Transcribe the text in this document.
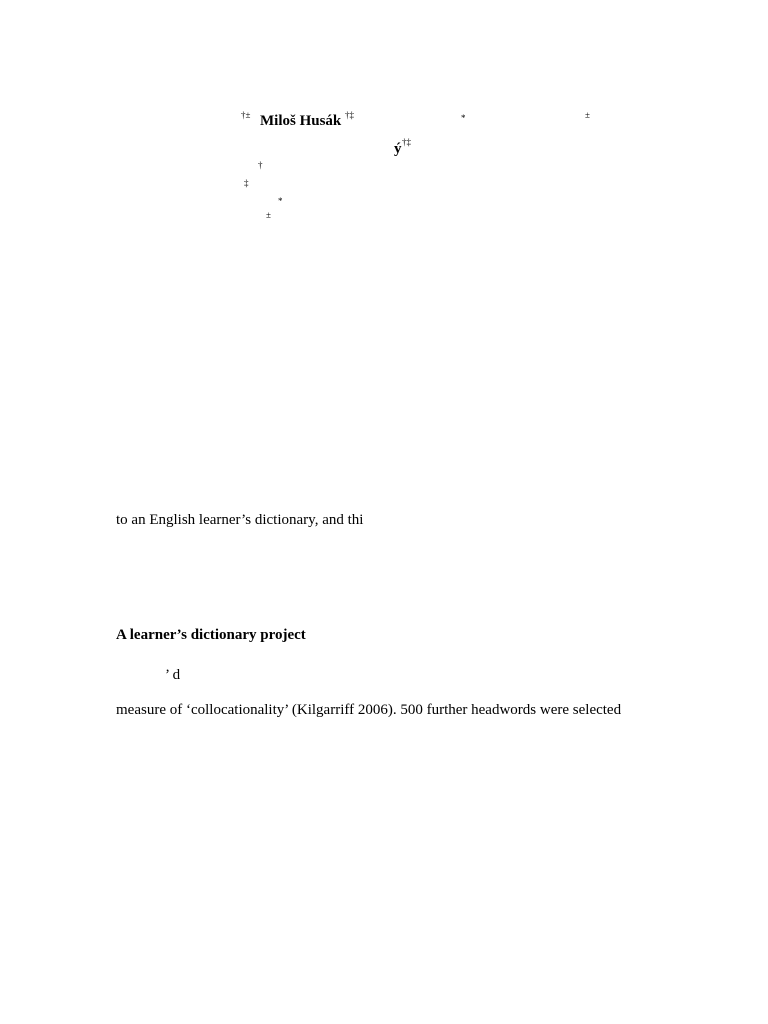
†± Miloš Husák †‡	*	±
ý †‡
†
‡
*
±
to an English learner’s dictionary, and thi
A learner’s dictionary project
’ d
measure of ‘collocationality’ (Kilgarriff 2006). 500 further headwords were selected
